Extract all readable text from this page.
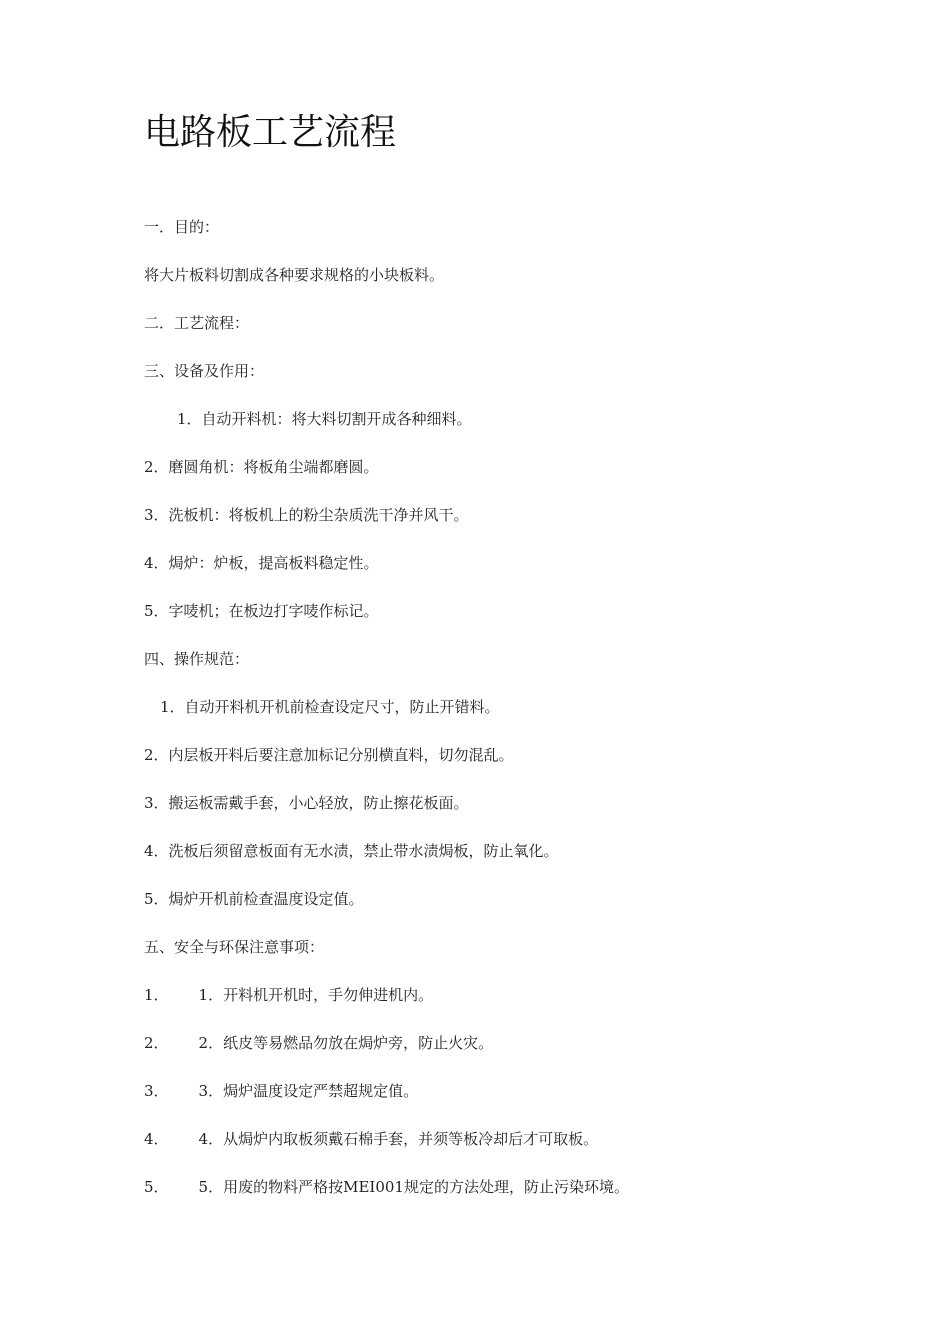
电路板工艺流程
一．目的：
将大片板料切割成各种要求规格的小块板料。
二．工艺流程：
三、设备及作用：
1．自动开料机：将大料切割开成各种细料。
2．磨圆角机：将板角尘端都磨圆。
3．洗板机：将板机上的粉尘杂质洗干净并风干。
4．焗炉：炉板，提高板料稳定性。
5．字唛机；在板边打字唛作标记。
四、操作规范：
1．自动开料机开机前检查设定尺寸，防止开错料。
2．内层板开料后要注意加标记分别横直料，切勿混乱。
3．搬运板需戴手套，小心轻放，防止擦花板面。
4．洗板后须留意板面有无水渍，禁止带水渍焗板，防止氧化。
5．焗炉开机前检查温度设定值。
五、安全与环保注意事项：
1． 1．开料机开机时，手勿伸进机内。
2． 2．纸皮等易燃品勿放在焗炉旁，防止火灾。
3． 3．焗炉温度设定严禁超规定值。
4． 4．从焗炉内取板须戴石棉手套，并须等板冷却后才可取板。
5． 5．用废的物料严格按MEI001规定的方法处理，防止污染环境。
